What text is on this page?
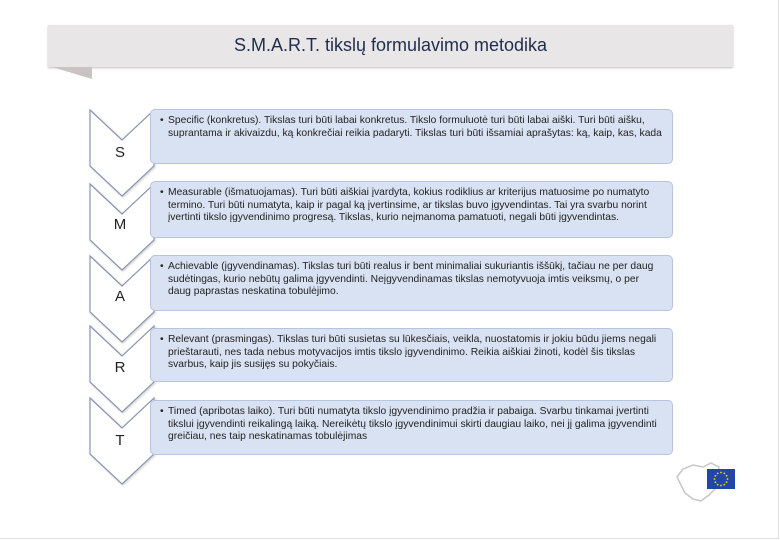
S.M.A.R.T. tikslų formulavimo metodika
S
M
A
R
T
• Specific (konkretus). Tikslas turi būti labai konkretus. Tikslo formuluotė turi būti labai aiški. Turi būti aišku, suprantama ir akivaizdu, ką konkrečiai reikia padaryti. Tikslas turi būti išsamiai aprašytas: ką, kaip, kas, kada
• Measurable (išmatuojamas). Turi būti aiškiai įvardyta, kokius rodiklius ar kriterijus matuosime po numatyto termino. Turi būti numatyta, kaip ir pagal ką įvertinsime, ar tikslas buvo įgyvendintas. Tai yra svarbu norint įvertinti tikslo įgyvendinimo progresą. Tikslas, kurio neįmanoma pamatuoti, negali būti įgyvendintas.
• Achievable (įgyvendinamas). Tikslas turi būti realus ir bent minimaliai sukuriantis iššūkį, tačiau ne per daug sudėtingas, kurio nebūtų galima įgyvendinti. Neįgyvendinamas tikslas nemotyvuoja imtis veiksmų, o per daug paprastas neskatina tobulėjimo.
• Relevant (prasmingas). Tikslas turi būti susietas su lūkesčiais, veikla, nuostatomis ir jokiu būdu jiems negali prieštarauti, nes tada nebus motyvacijos imtis tikslo įgyvendinimo. Reikia aiškiai žinoti, kodėl šis tikslas svarbus, kaip jis susijęs su pokyčiais.
• Timed (apribotas laiko). Turi būti numatyta tikslo įgyvendinimo pradžia ir pabaiga. Svarbu tinkamai įvertinti tikslui įgyvendinti reikalingą laiką. Nereikėtų tikslo įgyvendinimui skirti daugiau laiko, nei jį galima įgyvendinti greičiau, nes taip neskatinamas tobulėjimas
